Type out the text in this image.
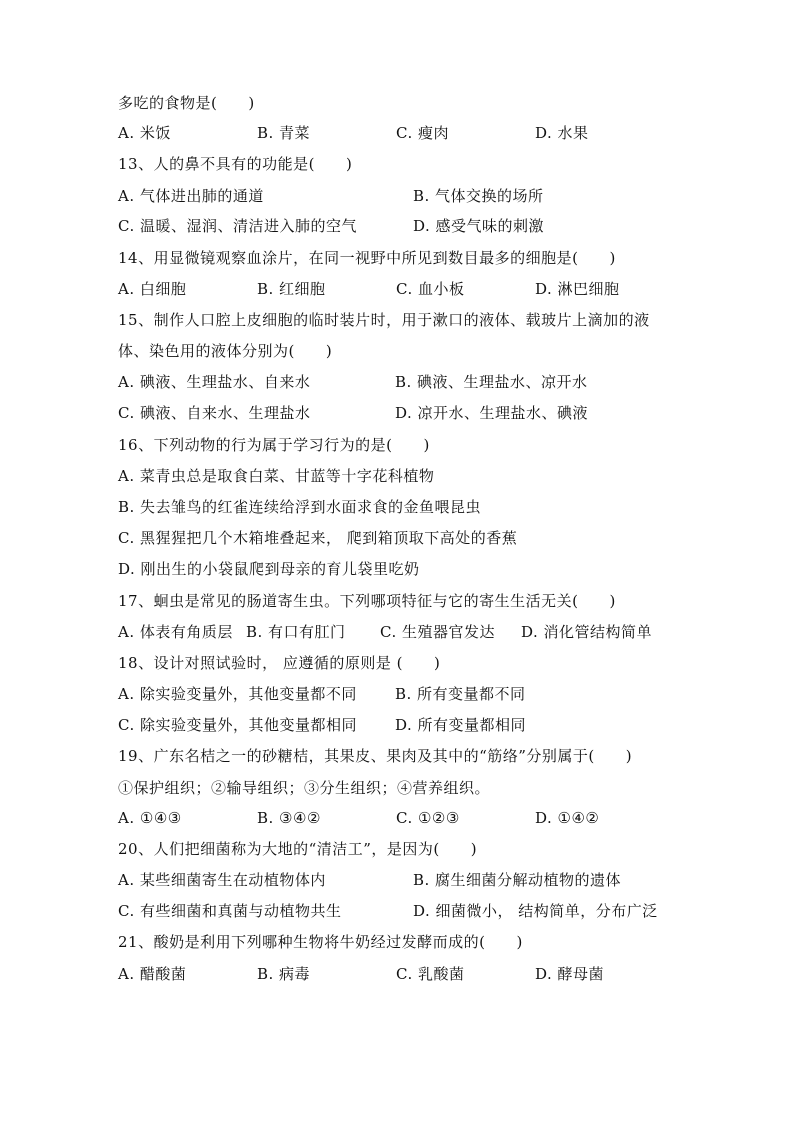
多吃的食物是(　　)
A. 米饭	B. 青菜	C. 瘦肉	D. 水果
13、人的鼻不具有的功能是(　　)
A. 气体进出肺的通道	B. 气体交换的场所
C. 温暖、湿润、清洁进入肺的空气	D. 感受气味的刺激
14、用显微镜观察血涂片，在同一视野中所见到数目最多的细胞是(　　)
A. 白细胞	B. 红细胞	C. 血小板	D. 淋巴细胞
15、制作人口腔上皮细胞的临时装片时，用于漱口的液体、载玻片上滴加的液
体、染色用的液体分别为(　　)
A. 碘液、生理盐水、自来水	B. 碘液、生理盐水、凉开水
C. 碘液、自来水、生理盐水	D. 凉开水、生理盐水、碘液
16、下列动物的行为属于学习行为的是(　　)
A. 菜青虫总是取食白菜、甘蓝等十字花科植物
B. 失去雏鸟的红雀连续给浮到水面求食的金鱼喂昆虫
C. 黑猩猩把几个木箱堆叠起来， 爬到箱顶取下高处的香蕉
D. 刚出生的小袋鼠爬到母亲的育儿袋里吃奶
17、蛔虫是常见的肠道寄生虫。下列哪项特征与它的寄生生活无关(　　)
A. 体表有角质层 B. 有口有肛门 C. 生殖器官发达 D. 消化管结构简单
18、设计对照试验时， 应遵循的原则是 (　　)
A. 除实验变量外，其他变量都不同	B. 所有变量都不同
C. 除实验变量外，其他变量都相同	D. 所有变量都相同
19、广东名桔之一的砂糖桔，其果皮、果肉及其中的“筋络”分别属于(　　)
①保护组织；②输导组织；③分生组织；④营养组织。
A. ①④③	B. ③④②	C. ①②③	D. ①④②
20、人们把细菌称为大地的“清洁工”，是因为(　　)
A. 某些细菌寄生在动植物体内	B. 腐生细菌分解动植物的遗体
C. 有些细菌和真菌与动植物共生	D. 细菌微小， 结构简单，分布广泛
21、酸奶是利用下列哪种生物将牛奶经过发酵而成的(　　)
A. 醋酸菌	B. 病毒	C. 乳酸菌	D. 酵母菌
